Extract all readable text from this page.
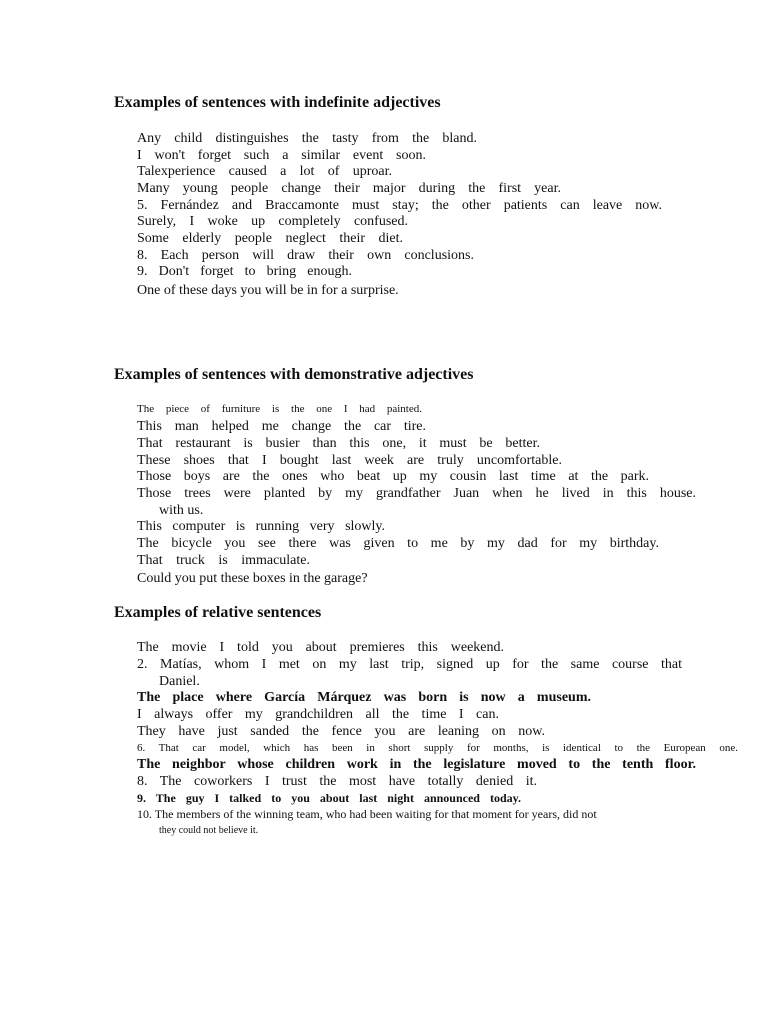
Examples of sentences with indefinite adjectives
Any child distinguishes the tasty from the bland.
I won't forget such a similar event soon.
Talexperience caused a lot of uproar.
Many young people change their major during the first year.
5. Fernández and Braccamonte must stay; the other patients can leave now.
Surely, I woke up completely confused.
Some elderly people neglect their diet.
8. Each person will draw their own conclusions.
9. Don't forget to bring enough.
One of these days you will be in for a surprise.
Examples of sentences with demonstrative adjectives
The piece of furniture is the one I had painted.
This man helped me change the car tire.
That restaurant is busier than this one, it must be better.
These shoes that I bought last week are truly uncomfortable.
Those boys are the ones who beat up my cousin last time at the park.
Those trees were planted by my grandfather Juan when he lived in this house.
with us.
This computer is running very slowly.
The bicycle you see there was given to me by my dad for my birthday.
That truck is immaculate.
Could you put these boxes in the garage?
Examples of relative sentences
The movie I told you about premieres this weekend.
2. Matías, whom I met on my last trip, signed up for the same course that
Daniel.
The place where García Márquez was born is now a museum.
I always offer my grandchildren all the time I can.
They have just sanded the fence you are leaning on now.
6. That car model, which has been in short supply for months, is identical to the European one.
The neighbor whose children work in the legislature moved to the tenth floor.
8. The coworkers I trust the most have totally denied it.
9. The guy I talked to you about last night announced today.
10. The members of the winning team, who had been waiting for that moment for years, did not
they could not believe it.
